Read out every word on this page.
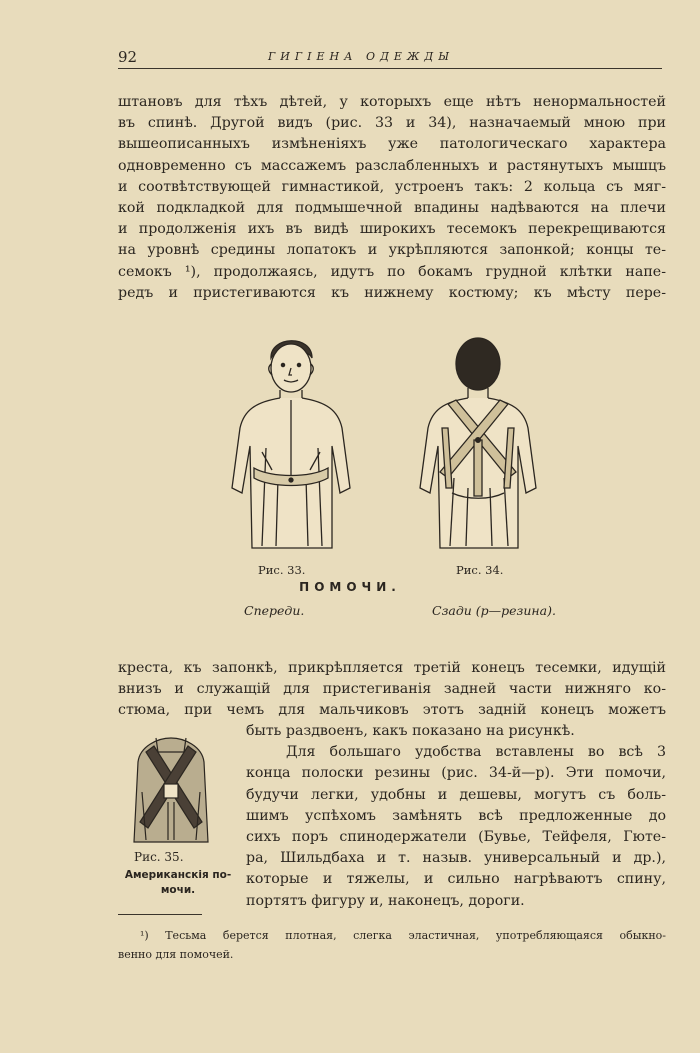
92	ГИГІЕНА ОДЕЖДЫ
штановъ для тѣхъ дѣтей, у которыхъ еще нѣтъ ненормальностей
въ спинѣ. Другой видъ (рис. 33 и 34), назначаемый мною при
вышеописанныхъ измѣненіяхъ уже патологическаго характера
одновременно съ массажемъ разслабленныхъ и растянутыхъ мышцъ
и соотвѣтствующей гимнастикой, устроенъ такъ: 2 кольца съ мяг-
кой подкладкой для подмышечной впадины надѣваются на плечи
и продолженія ихъ въ видѣ широкихъ тесемокъ перекрещиваются
на уровнѣ средины лопатокъ и укрѣпляются запонкой; концы те-
семокъ ¹), продолжаясь, идутъ по бокамъ грудной клѣтки напе-
редъ и пристегиваются къ нижнему костюму; къ мѣсту пере-
Рис. 33.	Рис. 34.
ПОМОЧИ.
Спереди.	Сзади (р—резина).
креста, къ запонкѣ, прикрѣпляется третій конецъ тесемки, идущій
внизъ и служащій для пристегиванія задней части нижняго ко-
стюма, при чемъ для мальчиковъ этотъ задній конецъ можетъ
быть раздвоенъ, какъ показано на рисункѣ.
Для большаго удобства вставлены во всѣ 3
конца полоски резины (рис. 34-й—р). Эти помочи,
будучи легки, удобны и дешевы, могутъ съ боль-
шимъ успѣхомъ замѣнять всѣ предложенные до
сихъ поръ спинодержатели (Бувье, Тейфеля, Гюте-
ра, Шильдбаха и т. назыв. универсальный и др.),
которые и тяжелы, и сильно нагрѣваютъ спину,
портятъ фигуру и, наконецъ, дороги.
Рис. 35.
Американскія по-
мочи.
¹) Тесьма берется плотная, слегка эластичная, употребляющаяся обыкно-
венно для помочей.
